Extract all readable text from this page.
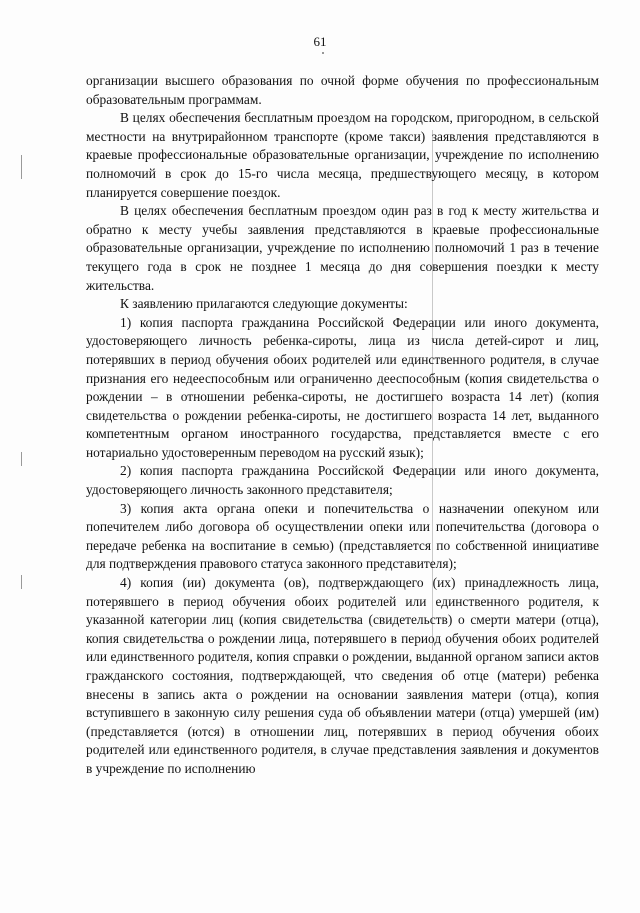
61

организации высшего образования по очной форме обучения по профессиональным образовательным программам.

В целях обеспечения бесплатным проездом на городском, пригородном, в сельской местности на внутрирайонном транспорте (кроме такси) заявления представляются в краевые профессиональные образовательные организации, учреждение по исполнению полномочий в срок до 15-го числа месяца, предшествующего месяцу, в котором планируется совершение поездок.

В целях обеспечения бесплатным проездом один раз в год к месту жительства и обратно к месту учебы заявления представляются в краевые профессиональные образовательные организации, учреждение по исполнению полномочий 1 раз в течение текущего года в срок не позднее 1 месяца до дня совершения поездки к месту жительства.

К заявлению прилагаются следующие документы:

1) копия паспорта гражданина Российской Федерации или иного документа, удостоверяющего личность ребенка-сироты, лица из числа детей-сирот и лиц, потерявших в период обучения обоих родителей или единственного родителя, в случае признания его недееспособным или ограниченно дееспособным (копия свидетельства о рождении – в отношении ребенка-сироты, не достигшего возраста 14 лет) (копия свидетельства о рождении ребенка-сироты, не достигшего возраста 14 лет, выданного компетентным органом иностранного государства, представляется вместе с его нотариально удостоверенным переводом на русский язык);

2) копия паспорта гражданина Российской Федерации или иного документа, удостоверяющего личность законного представителя;

3) копия акта органа опеки и попечительства о назначении опекуном или попечителем либо договора об осуществлении опеки или попечительства (договора о передаче ребенка на воспитание в семью) (представляется по собственной инициативе для подтверждения правового статуса законного представителя);

4) копия (ии) документа (ов), подтверждающего (их) принадлежность лица, потерявшего в период обучения обоих родителей или единственного родителя, к указанной категории лиц (копия свидетельства (свидетельств) о смерти матери (отца), копия свидетельства о рождении лица, потерявшего в период обучения обоих родителей или единственного родителя, копия справки о рождении, выданной органом записи актов гражданского состояния, подтверждающей, что сведения об отце (матери) ребенка внесены в запись акта о рождении на основании заявления матери (отца), копия вступившего в законную силу решения суда об объявлении матери (отца) умершей (им) (представляется (ются) в отношении лиц, потерявших в период обучения обоих родителей или единственного родителя, в случае представления заявления и документов в учреждение по исполнению
